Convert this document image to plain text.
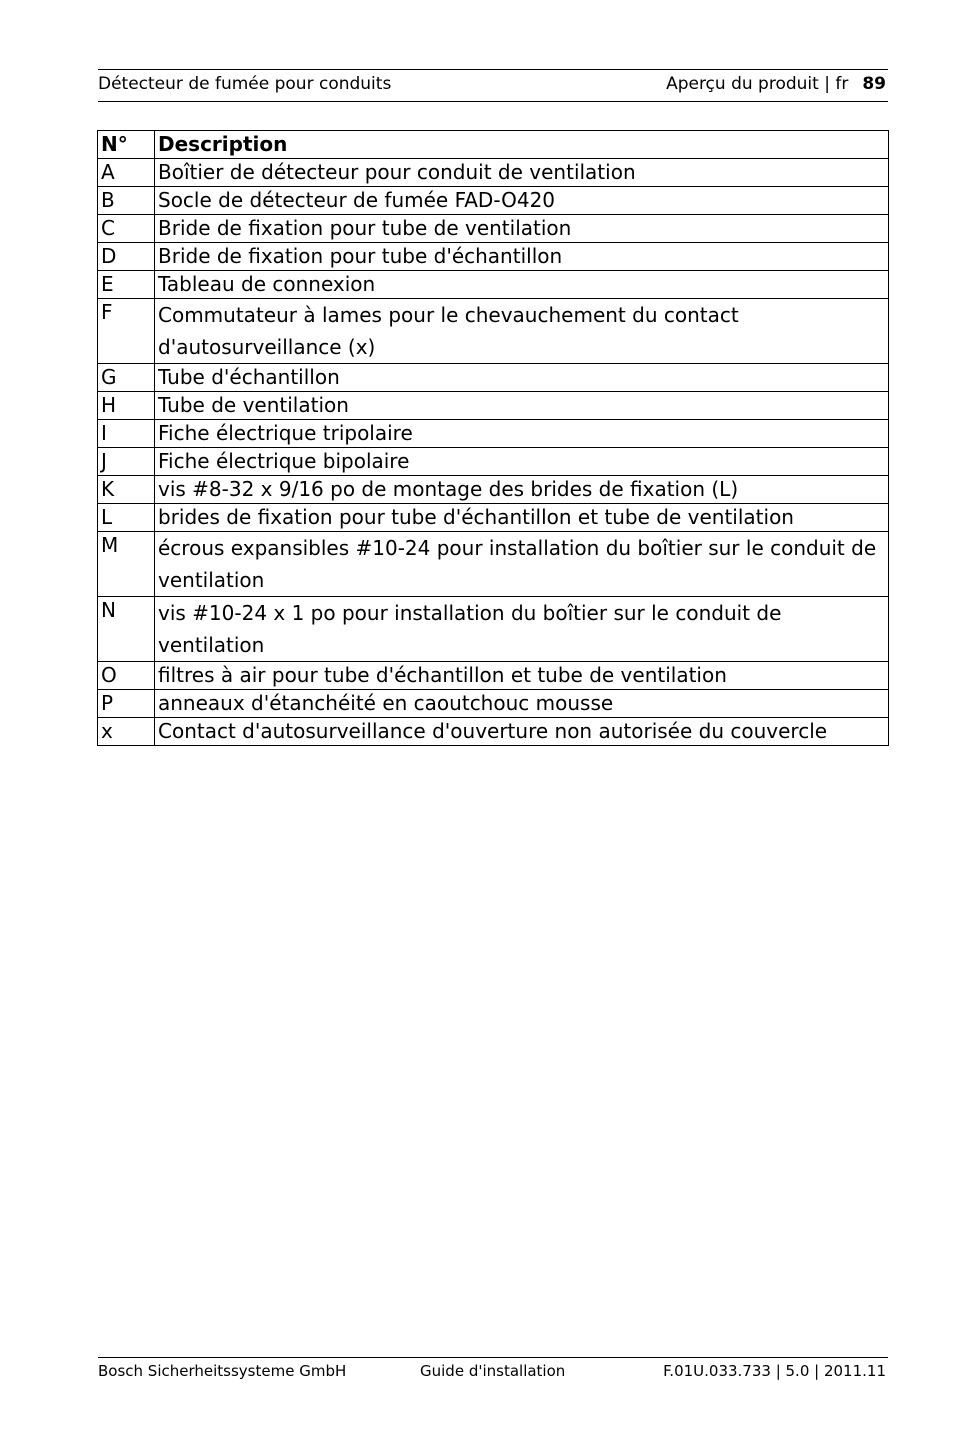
Détecteur de fumée pour conduits	Aperçu du produit | fr 89
N°	Description
A	Boîtier de détecteur pour conduit de ventilation
B	Socle de détecteur de fumée FAD-O420
C	Bride de fixation pour tube de ventilation
D	Bride de fixation pour tube d'échantillon
E	Tableau de connexion
F	Commutateur à lames pour le chevauchement du contact d'autosurveillance (x)
G	Tube d'échantillon
H	Tube de ventilation
I	Fiche électrique tripolaire
J	Fiche électrique bipolaire
K	vis #8-32 x 9/16 po de montage des brides de fixation (L)
L	brides de fixation pour tube d'échantillon et tube de ventilation
M	écrous expansibles #10-24 pour installation du boîtier sur le conduit de ventilation
N	vis #10-24 x 1 po pour installation du boîtier sur le conduit de ventilation
O	filtres à air pour tube d'échantillon et tube de ventilation
P	anneaux d'étanchéité en caoutchouc mousse
x	Contact d'autosurveillance d'ouverture non autorisée du couvercle
Bosch Sicherheitssysteme GmbH	Guide d'installation	F.01U.033.733 | 5.0 | 2011.11
